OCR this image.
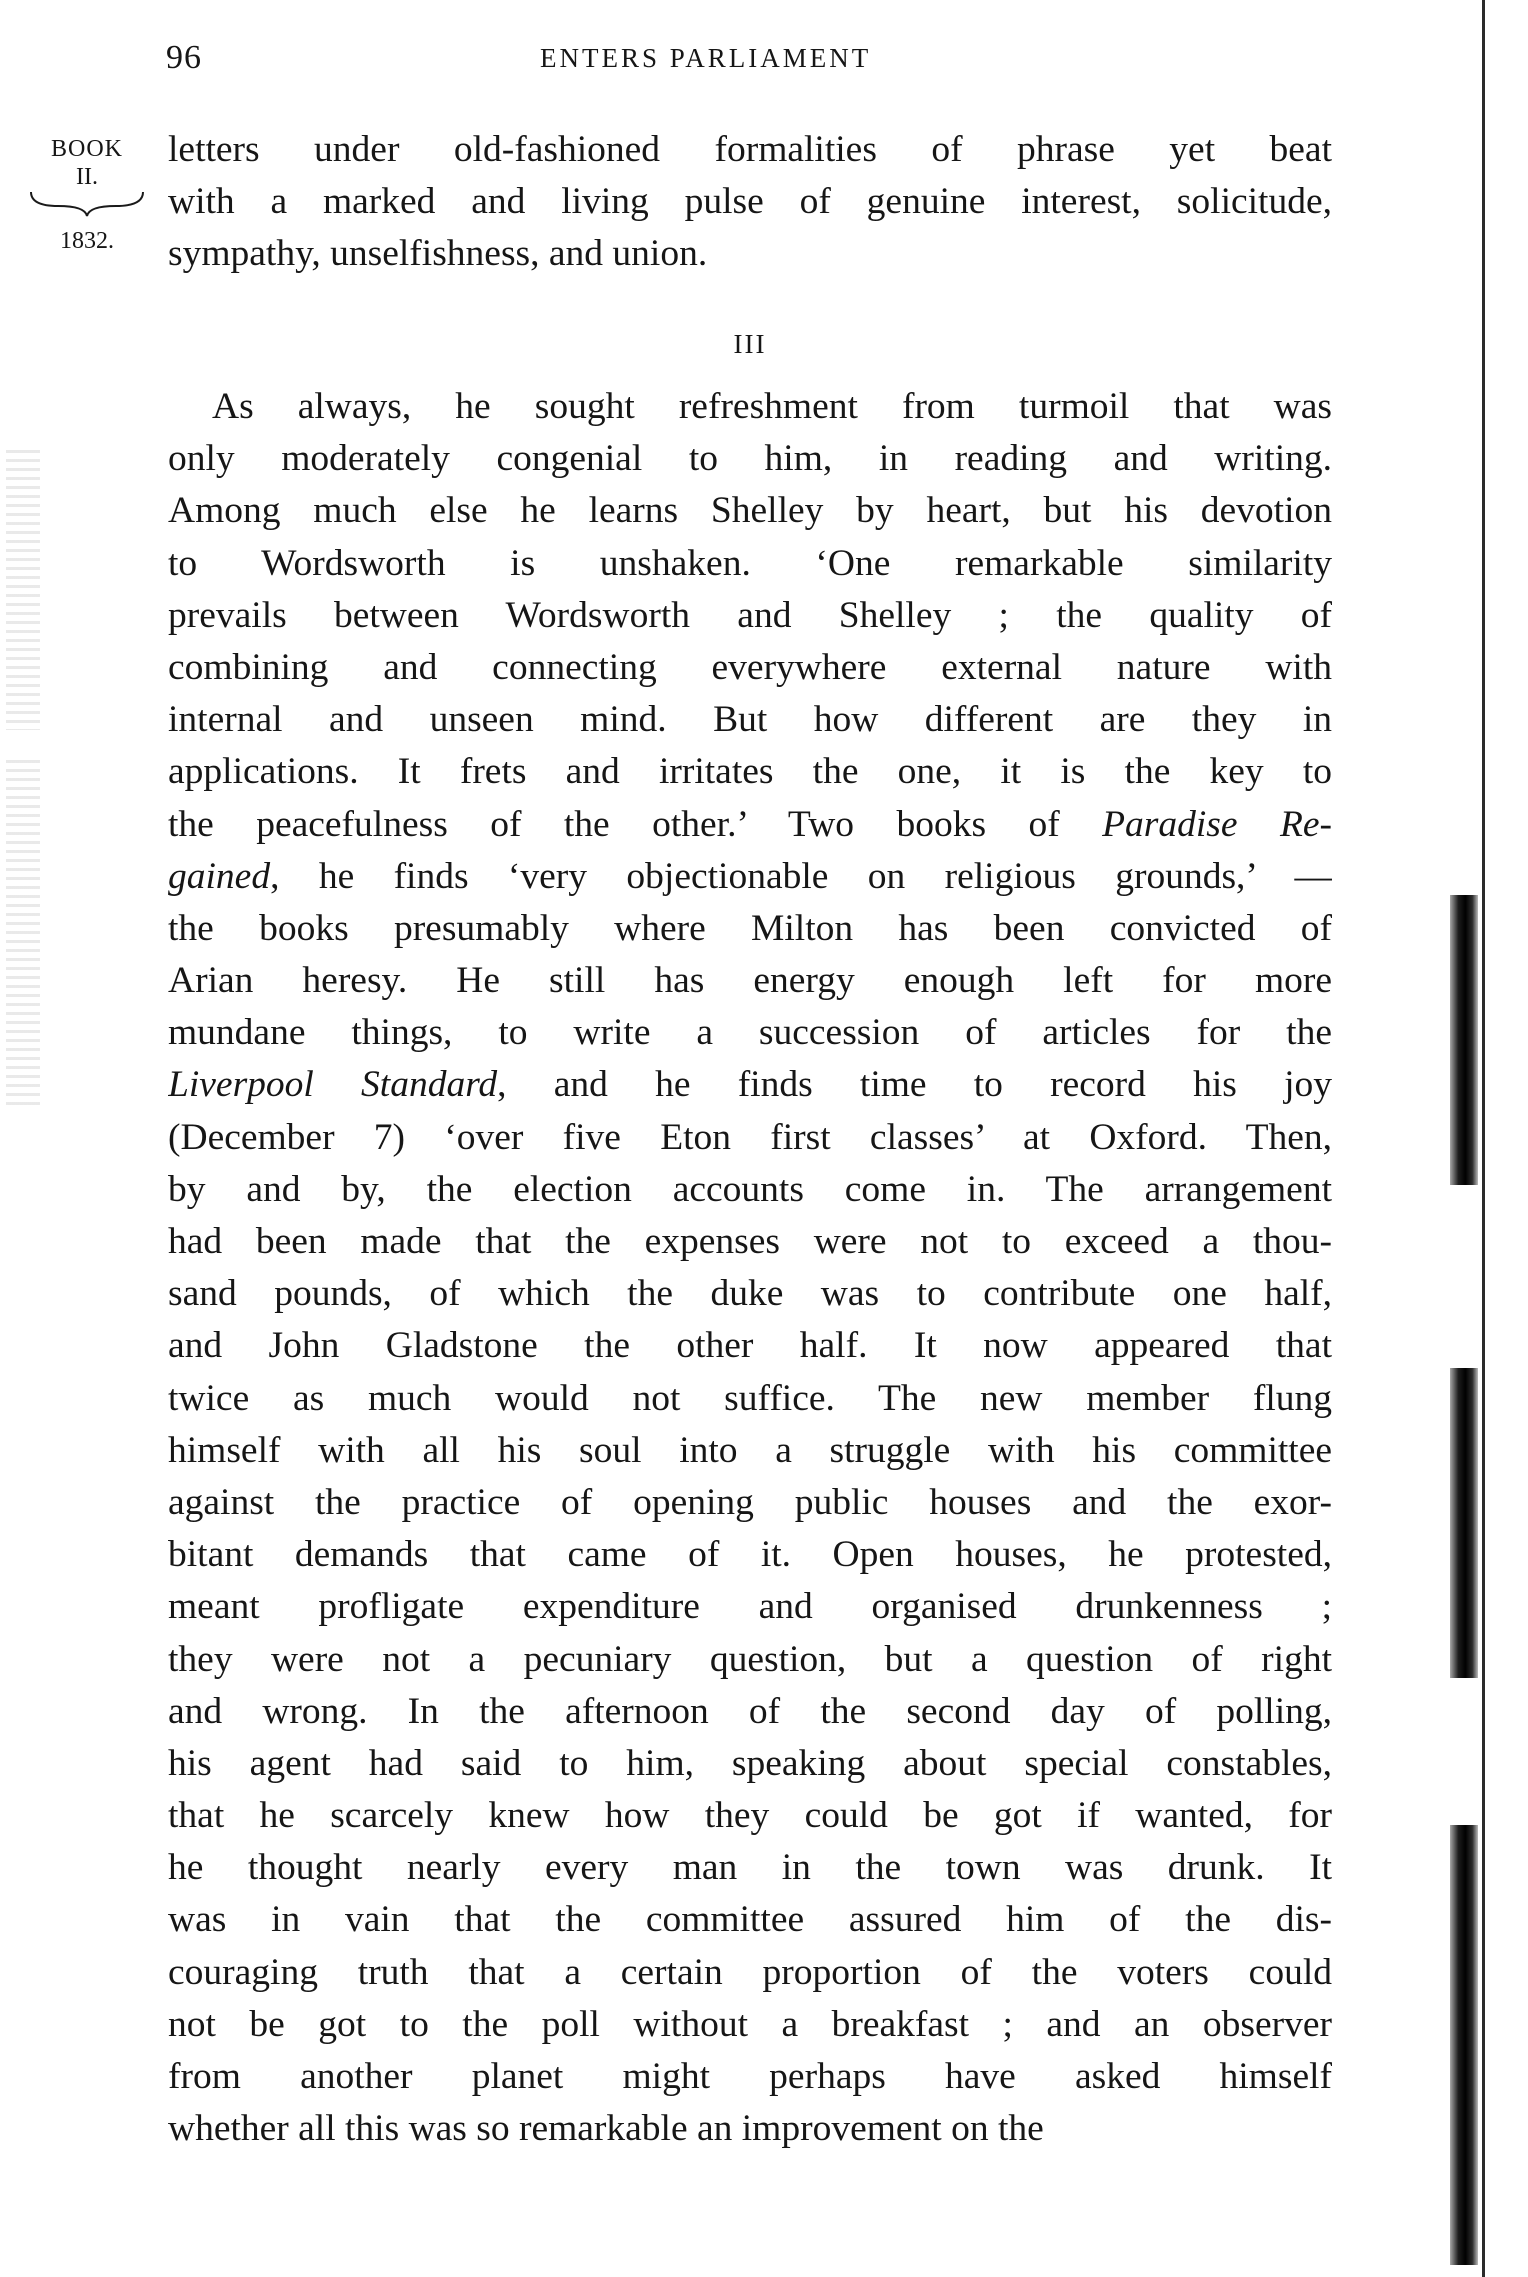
96	ENTERS PARLIAMENT
BOOK
II.
1832.
letters under old-fashioned formalities of phrase yet beat
with a marked and living pulse of genuine interest, solicitude,
sympathy, unselfishness, and union.
III
As always, he sought refreshment from turmoil that was
only moderately congenial to him, in reading and writing.
Among much else he learns Shelley by heart, but his devotion
to Wordsworth is unshaken. ‘One remarkable similarity
prevails between Wordsworth and Shelley ; the quality of
combining and connecting everywhere external nature with
internal and unseen mind. But how different are they in
applications. It frets and irritates the one, it is the key to
the peacefulness of the other.’ Two books of Paradise Re-
gained, he finds ‘very objectionable on religious grounds,’ —
the books presumably where Milton has been convicted of
Arian heresy. He still has energy enough left for more
mundane things, to write a succession of articles for the
Liverpool Standard, and he finds time to record his joy
(December 7) ‘over five Eton first classes’ at Oxford. Then,
by and by, the election accounts come in. The arrangement
had been made that the expenses were not to exceed a thou-
sand pounds, of which the duke was to contribute one half,
and John Gladstone the other half. It now appeared that
twice as much would not suffice. The new member flung
himself with all his soul into a struggle with his committee
against the practice of opening public houses and the exor-
bitant demands that came of it. Open houses, he protested,
meant profligate expenditure and organised drunkenness ;
they were not a pecuniary question, but a question of right
and wrong. In the afternoon of the second day of polling,
his agent had said to him, speaking about special constables,
that he scarcely knew how they could be got if wanted, for
he thought nearly every man in the town was drunk. It
was in vain that the committee assured him of the dis-
couraging truth that a certain proportion of the voters could
not be got to the poll without a breakfast ; and an observer
from another planet might perhaps have asked himself
whether all this was so remarkable an improvement on the
